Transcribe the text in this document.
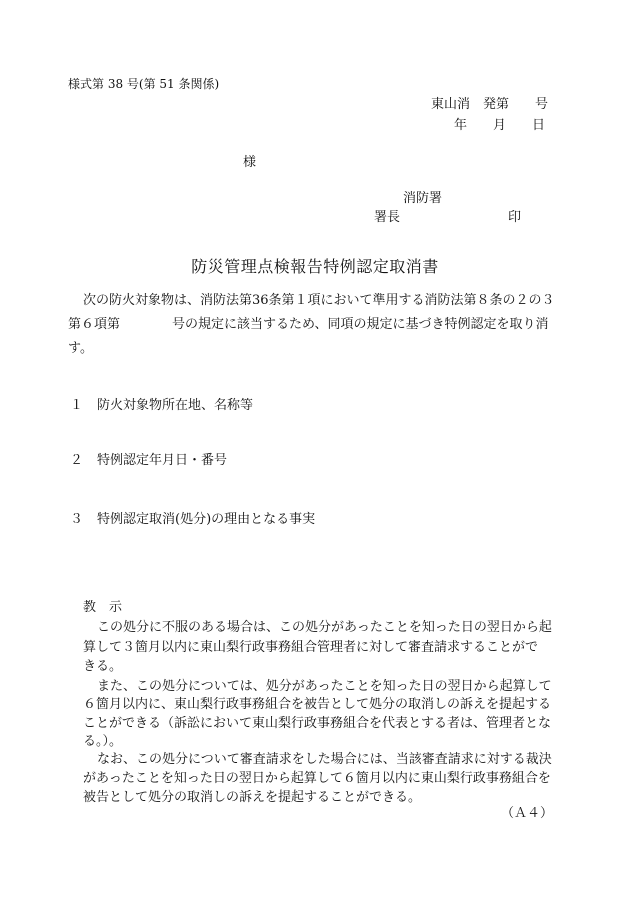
様式第 38 号(第 51 条関係)
東山消　発第　　号
年　　月　　日
様
消防署
署長	印
防災管理点検報告特例認定取消書
次の防火対象物は、消防法第36条第１項において準用する消防法第８条の２の３
第６項第　　　　号の規定に該当するため、同項の規定に基づき特例認定を取り消
す。
１ 防火対象物所在地、名称等
２ 特例認定年月日・番号
３ 特例認定取消(処分)の理由となる事実
教　示
この処分に不服のある場合は、この処分があったことを知った日の翌日から起
算して３箇月以内に東山梨行政事務組合管理者に対して審査請求することがで
きる。
また、この処分については、処分があったことを知った日の翌日から起算して
６箇月以内に、東山梨行政事務組合を被告として処分の取消しの訴えを提起する
ことができる（訴訟において東山梨行政事務組合を代表とする者は、管理者とな
る。）。
なお、この処分について審査請求をした場合には、当該審査請求に対する裁決
があったことを知った日の翌日から起算して６箇月以内に東山梨行政事務組合を
被告として処分の取消しの訴えを提起することができる。
（Ａ４）
